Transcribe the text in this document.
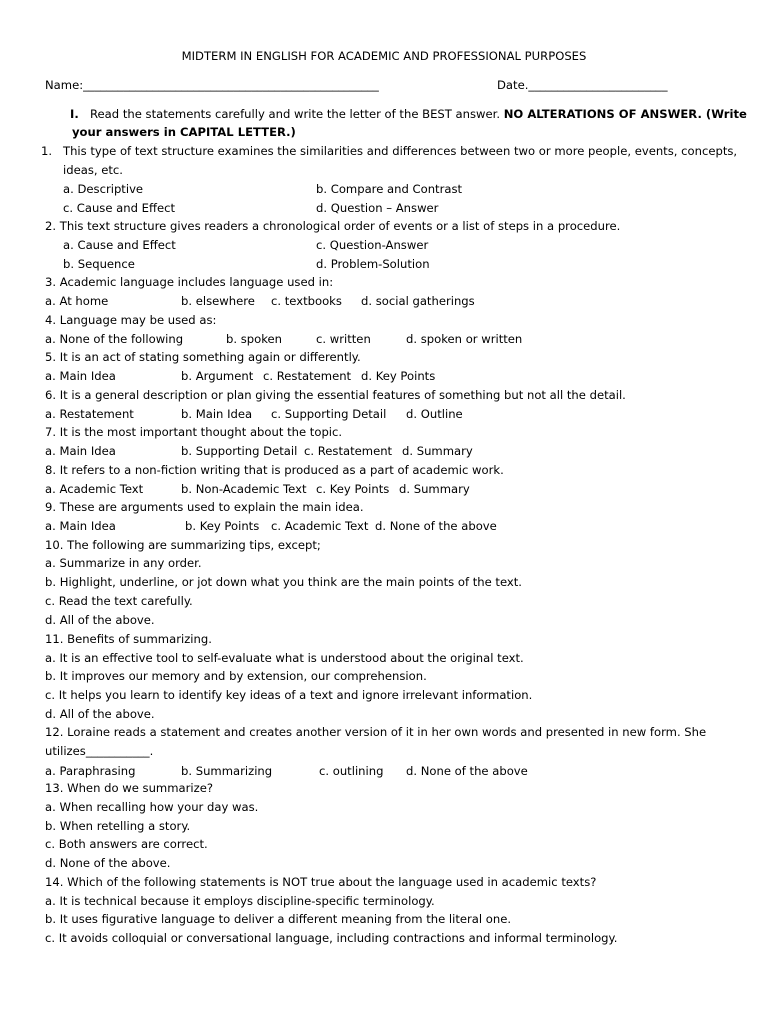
MIDTERM IN ENGLISH FOR ACADEMIC AND PROFESSIONAL PURPOSES
Name:___________________________________________________	Date.________________________
I. Read the statements carefully and write the letter of the BEST answer. NO ALTERATIONS OF ANSWER. (Write
your answers in CAPITAL LETTER.)
1. This type of text structure examines the similarities and differences between two or more people, events, concepts,
ideas, etc.
a. Descriptive	b. Compare and Contrast
c. Cause and Effect	d. Question – Answer
2. This text structure gives readers a chronological order of events or a list of steps in a procedure.
a. Cause and Effect	c. Question-Answer
b. Sequence	d. Problem-Solution
3. Academic language includes language used in:
a. At home	b. elsewhere c. textbooks d. social gatherings
4. Language may be used as:
a. None of the following	b. spoken	c. written	d. spoken or written
5. It is an act of stating something again or differently.
a. Main Idea	b. Argument c. Restatement d. Key Points
6. It is a general description or plan giving the essential features of something but not all the detail.
a. Restatement	b. Main Idea c. Supporting Detail d. Outline
7. It is the most important thought about the topic.
a. Main Idea	b. Supporting Detail c. Restatement d. Summary
8. It refers to a non-fiction writing that is produced as a part of academic work.
a. Academic Text	b. Non-Academic Text c. Key Points d. Summary
9. These are arguments used to explain the main idea.
a. Main Idea	b. Key Points c. Academic Text d. None of the above
10. The following are summarizing tips, except;
a. Summarize in any order.
b. Highlight, underline, or jot down what you think are the main points of the text.
c. Read the text carefully.
d. All of the above.
11. Benefits of summarizing.
a. It is an effective tool to self-evaluate what is understood about the original text.
b. It improves our memory and by extension, our comprehension.
c. It helps you learn to identify key ideas of a text and ignore irrelevant information.
d. All of the above.
12. Loraine reads a statement and creates another version of it in her own words and presented in new form. She
utilizes___________.
a. Paraphrasing	b. Summarizing	c. outlining d. None of the above
13. When do we summarize?
a. When recalling how your day was.
b. When retelling a story.
c. Both answers are correct.
d. None of the above.
14. Which of the following statements is NOT true about the language used in academic texts?
a. It is technical because it employs discipline-specific terminology.
b. It uses figurative language to deliver a different meaning from the literal one.
c. It avoids colloquial or conversational language, including contractions and informal terminology.
